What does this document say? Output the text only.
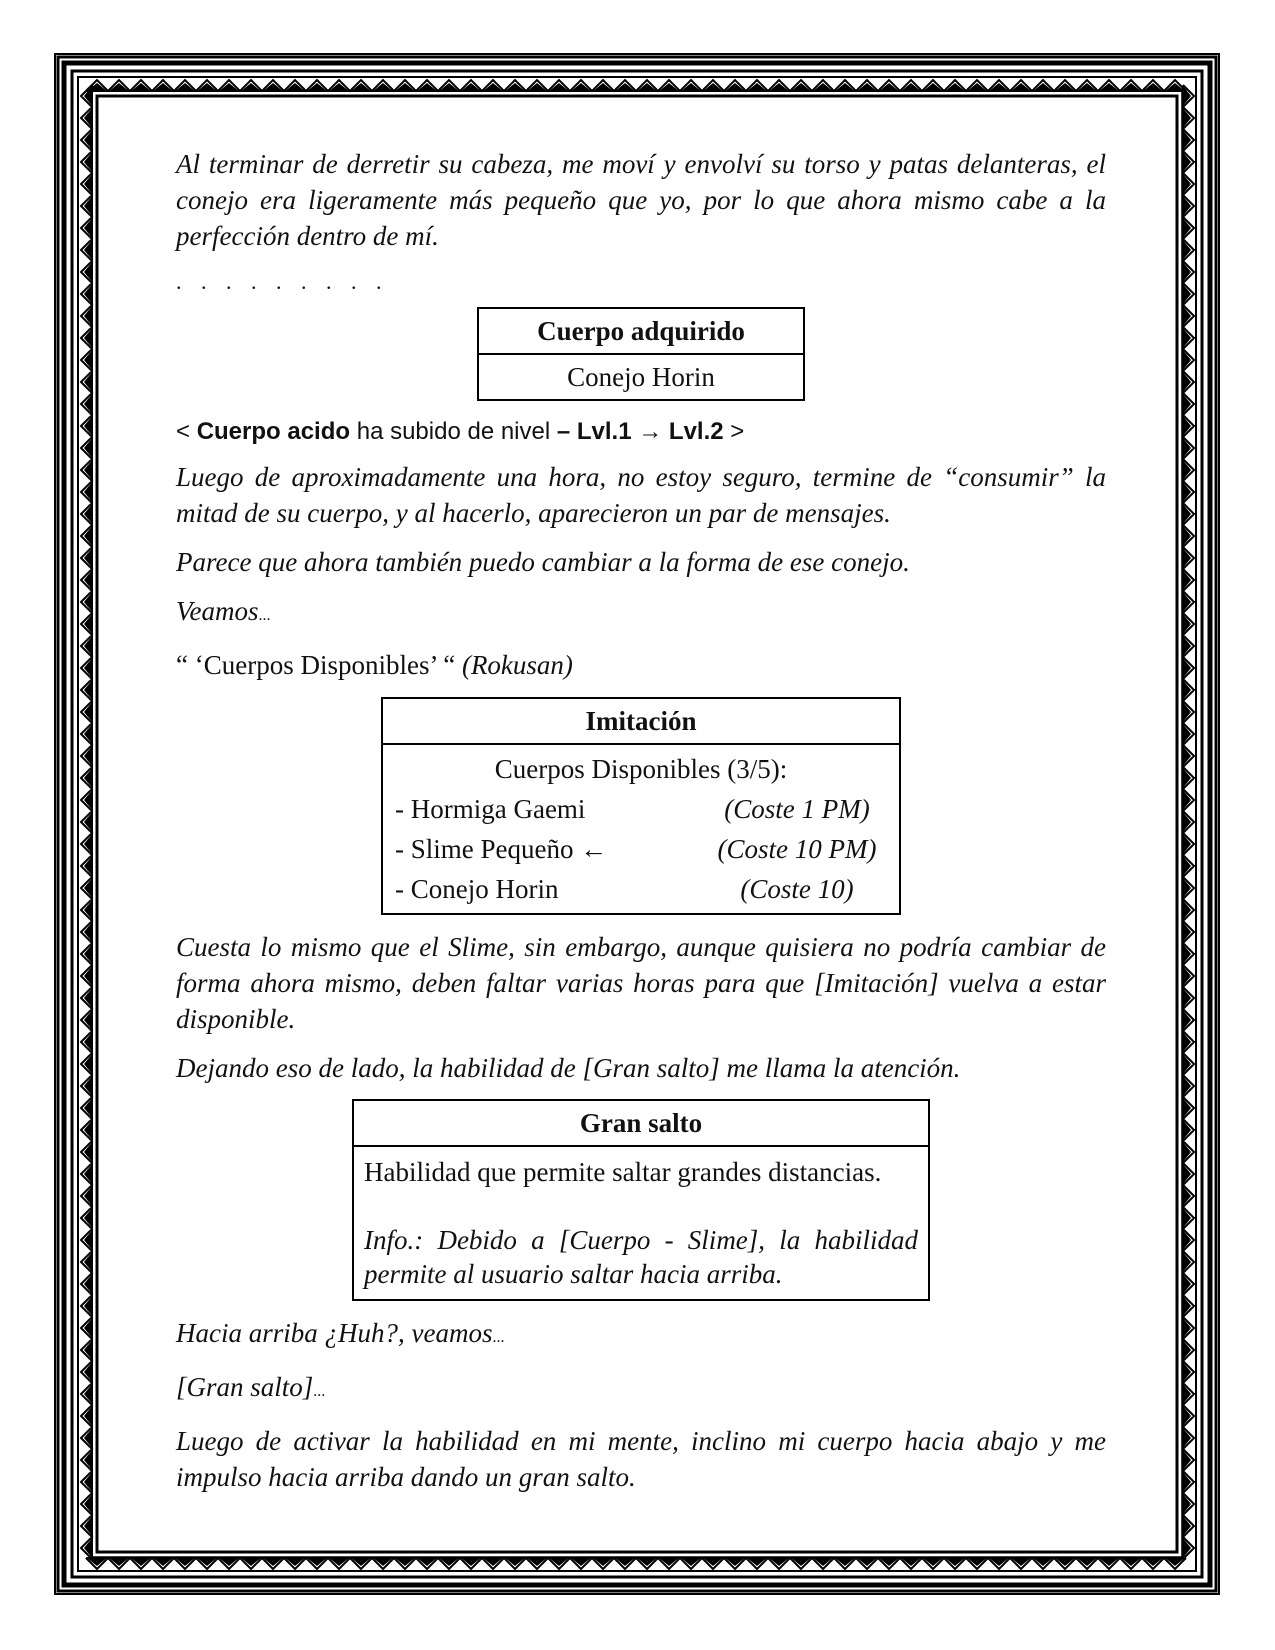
Al terminar de derretir su cabeza, me moví y envolví su torso y patas delanteras, el conejo era ligeramente más pequeño que yo, por lo que ahora mismo cabe a la perfección dentro de mí.

. . . . . . . . .
Cuerpo adquirido
Conejo Horin
< Cuerpo acido ha subido de nivel – Lvl.1 → Lvl.2 >

Luego de aproximadamente una hora, no estoy seguro, termine de “consumir” la mitad de su cuerpo, y al hacerlo, aparecieron un par de mensajes.

Parece que ahora también puedo cambiar a la forma de ese conejo.

Veamos...

“ ‘Cuerpos Disponibles’ “ (Rokusan)
Imitación
Cuerpos Disponibles (3/5):
- Hormiga Gaemi	(Coste 1 PM)
- Slime Pequeño ←	(Coste 10 PM)
- Conejo Horin	(Coste 10)

Cuesta lo mismo que el Slime, sin embargo, aunque quisiera no podría cambiar de forma ahora mismo, deben faltar varias horas para que [Imitación] vuelva a estar disponible.

Dejando eso de lado, la habilidad de [Gran salto] me llama la atención.

Gran salto
Habilidad que permite saltar grandes distancias.
Info.: Debido a [Cuerpo - Slime], la habilidad permite al usuario saltar hacia arriba.

Hacia arriba ¿Huh?, veamos...

[Gran salto]...

Luego de activar la habilidad en mi mente, inclino mi cuerpo hacia abajo y me impulso hacia arriba dando un gran salto.
